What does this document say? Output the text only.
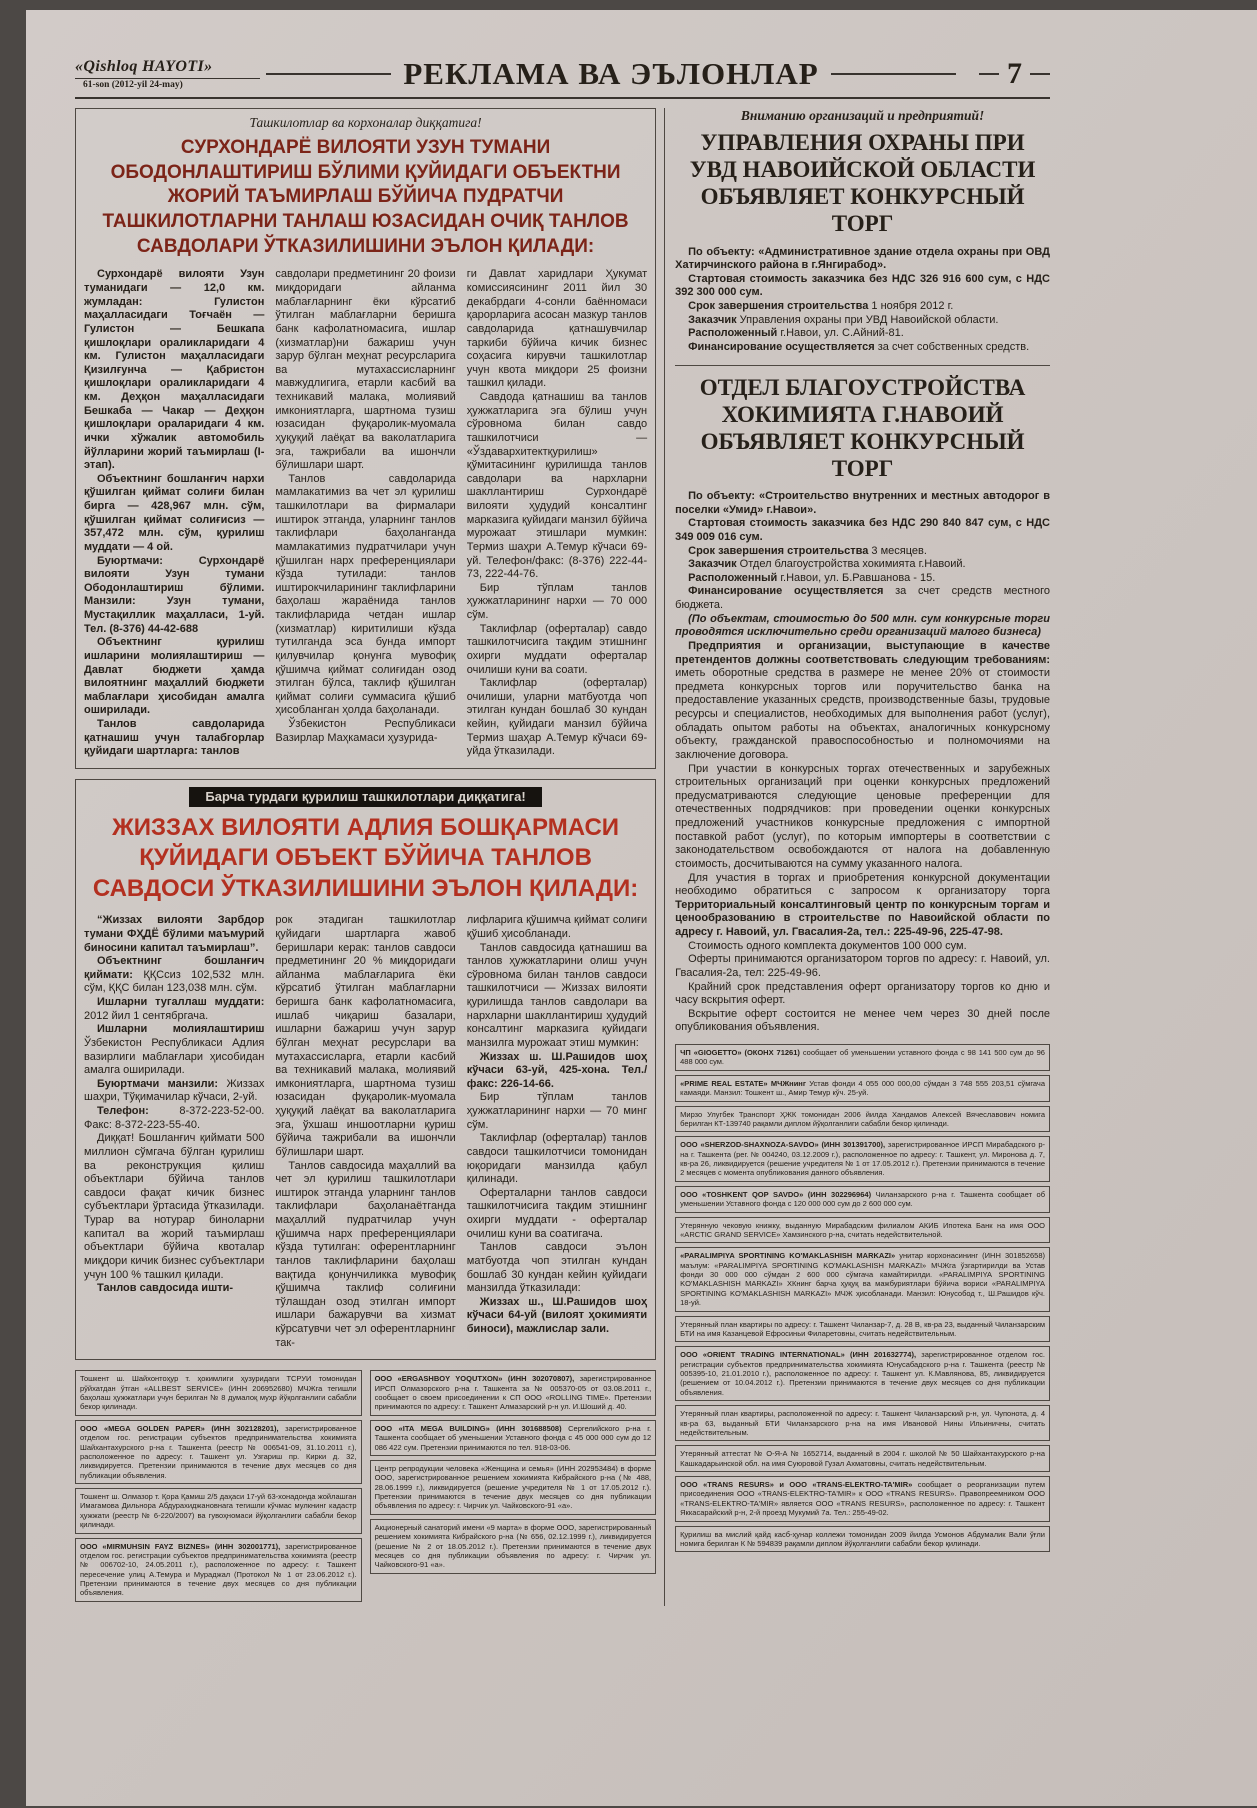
«Qishloq HAYOTI»
61-son (2012-yil 24-may)	РЕКЛАМА ВА ЭЪЛОНЛАР	7
Ташкилотлар ва корхоналар диққатига!
СУРХОНДАРЁ ВИЛОЯТИ УЗУН ТУМАНИ ОБОДОНЛАШТИРИШ БЎЛИМИ ҚУЙИДАГИ ОБЪЕКТНИ ЖОРИЙ ТАЪМИРЛАШ БЎЙИЧА ПУДРАТЧИ ТАШКИЛОТЛАРНИ ТАНЛАШ ЮЗАСИДАН ОЧИҚ ТАНЛОВ САВДОЛАРИ ЎТКАЗИЛИШИНИ ЭЪЛОН ҚИЛАДИ:

Сурхондарё вилояти Узун туманидаги — 12,0 км. жумладан: Гулистон маҳалласидаги Тоғчаён — Гулистон — Бешкапа қишлоқлари ораликларидаги 4 км. Гулистон маҳалласидаги Қизилғунча — Қабристон қишлоқлари ораликларидаги 4 км. Деҳқон маҳалласидаги Бешкаба — Чакар — Деҳқон қишлоқлари ораларидаги 4 км. ички хўжалик автомобиль йўлларини жорий таъмирлаш (I-этап).

Объектнинг бошланғич нархи қўшилган қиймат солиғи билан бирга — 428,967 млн. сўм, қўшилган қиймат солиғисиз — 357,472 млн. сўм, қурилиш муддати — 4 ой.

Буюртмачи: Сурхондарё вилояти Узун тумани Ободонлаштириш бўлими. Манзили: Узун тумани, Мустақиллик маҳалласи, 1-уй. Тел. (8-376) 44-42-688

Объектнинг қурилиш ишларини молиялаштириш — Давлат бюджети ҳамда вилоятнинг маҳаллий бюджети маблағлари ҳисобидан амалга оширилади.

Танлов савдоларида қатнашиш учун талабгорлар қуйидаги шартларга: танлов

савдолари предметининг 20 фоизи миқдоридаги айланма маблағларнинг ёки кўрсатиб ўтилган маблағларни беришга банк кафолатномасига, ишлар (хизматлар)ни бажариш учун зарур бўлган меҳнат ресурсларига ва мутахассисларнинг мавжудлигига, етарли касбий ва техникавий малака, молиявий имкониятларга, шартнома тузиш юзасидан фуқаролик-муомала ҳуқуқий лаёқат ва ваколатларига эга, тажрибали ва ишончли бўлишлари шарт.

Танлов савдоларида мамлакатимиз ва чет эл қурилиш ташкилотлари ва фирмалари иштирок этганда, уларнинг танлов таклифлари баҳоланганда мамлакатимиз пудратчилари учун қўшилган нарх преференциялари кўзда тутилади: танлов иштирокчиларининг таклифларини баҳолаш жараёнида танлов таклифларида четдан ишлар (хизматлар) киритилиши кўзда тутилганда эса бунда импорт қилувчилар қонунга мувофиқ қўшимча қиймат солиғидан озод этилган бўлса, таклиф қўшилган қиймат солиғи суммасига қўшиб ҳисобланган ҳолда баҳоланади.

Ўзбекистон Республикаси Вазирлар Маҳкамаси ҳузурида-

ги Давлат харидлари Ҳукумат комиссиясининг 2011 йил 30 декабрдаги 4-сонли баённомаси қарорларига асосан мазкур танлов савдоларида қатнашувчилар таркиби бўйича кичик бизнес соҳасига кирувчи ташкилотлар учун квота миқдори 25 фоизни ташкил қилади.

Савдода қатнашиш ва танлов ҳужжатларига эга бўлиш учун сўровнома билан савдо ташкилотчиси — «Ўздавархитектқурилиш» қўмитасининг қурилишда танлов савдолари ва нархларни шакллантириш Сурхондарё вилояти ҳудудий консалтинг марказига қуйидаги манзил бўйича мурожаат этишлари мумкин: Термиз шаҳри А.Темур кўчаси 69-уй. Телефон/факс: (8-376) 222-44-73, 222-44-76.

Бир тўплам танлов ҳужжатларининг нархи — 70 000 сўм.

Таклифлар (оферталар) савдо ташкилотчисига тақдим этишнинг охирги муддати оферталар очилиши куни ва соати.

Таклифлар (оферталар) очилиши, уларни матбуотда чоп этилган кундан бошлаб 30 кундан кейин, қуйидаги манзил бўйича Термиз шаҳар А.Темур кўчаси 69-уйда ўтказилади.

Барча турдаги қурилиш ташкилотлари диққатига!
ЖИЗЗАХ ВИЛОЯТИ АДЛИЯ БОШҚАРМАСИ ҚУЙИДАГИ ОБЪЕКТ БЎЙИЧА ТАНЛОВ САВДОСИ ЎТКАЗИЛИШИНИ ЭЪЛОН ҚИЛАДИ:

“Жиззах вилояти Зарбдор тумани ФҲДЁ бўлими маъмурий биносини капитал таъмирлаш”.

Объектнинг бошланғич қиймати: ҚҚСсиз 102,532 млн. сўм, ҚҚС билан 123,038 млн. сўм.

Ишларни тугаллаш муддати: 2012 йил 1 сентябргача.

Ишларни молиялаштириш Ўзбекистон Республикаси Адлия вазирлиги маблағлари ҳисобидан амалга оширилади.

Буюртмачи манзили: Жиззах шаҳри, Тўқимачилар кўчаси, 2-уй.

Телефон: 8-372-223-52-00. Факс: 8-372-223-55-40.

Диққат! Бошланғич қиймати 500 миллион сўмгача бўлган қурилиш ва реконструкция қилиш объектлари бўйича танлов савдоси фақат кичик бизнес субъектлари ўртасида ўтказилади. Турар ва нотурар биноларни капитал ва жорий таъмирлаш объектлари бўйича квоталар миқдори кичик бизнес субъектлари учун 100 % ташкил қилади.

Танлов савдосида ишти-

рок этадиган ташкилотлар қуйидаги шартларга жавоб беришлари керак: танлов савдоси предметининг 20 % миқдоридаги айланма маблағларига ёки кўрсатиб ўтилган маблағларни беришга банк кафолатномасига, ишлаб чиқариш базалари, ишларни бажариш учун зарур бўлган меҳнат ресурслари ва мутахассисларга, етарли касбий ва техникавий малака, молиявий имкониятларга, шартнома тузиш юзасидан фуқаролик-муомала ҳуқуқий лаёқат ва ваколатларига эга, ўхшаш иншоотларни қуриш бўйича тажрибали ва ишончли бўлишлари шарт.

Танлов савдосида маҳаллий ва чет эл қурилиш ташкилотлари иштирок этганда уларнинг танлов таклифлари баҳоланаётганда маҳаллий пудратчилар учун қўшимча нарх преференциялари кўзда тутилган: оферентларнинг танлов таклифларини баҳолаш вақтида қонунчиликка мувофиқ қўшимча таклиф солиғини тўлашдан озод этилган импорт ишлари бажарувчи ва хизмат кўрсатувчи чет эл оферентларнинг так-

лифларига қўшимча қиймат солиғи қўшиб ҳисобланади.

Танлов савдосида қатнашиш ва танлов ҳужжатларини олиш учун сўровнома билан танлов савдоси ташкилотчиси — Жиззах вилояти қурилишда танлов савдолари ва нархларни шакллантириш ҳудудий консалтинг марказига қуйидаги манзилга мурожаат этиш мумкин:

Жиззах ш. Ш.Рашидов шоҳ кўчаси 63-уй, 425-хона. Тел./факс: 226-14-66.

Бир тўплам танлов ҳужжатларининг нархи — 70 минг сўм.

Таклифлар (оферталар) танлов савдоси ташкилотчиси томонидан юқоридаги манзилда қабул қилинади.

Оферталарни танлов савдоси ташкилотчисига тақдим этишнинг охирги муддати - оферталар очилиш куни ва соатигача.

Танлов савдоси эълон матбуотда чоп этилган кундан бошлаб 30 кундан кейин қуйидаги манзилда ўтказилади:

Жиззах ш., Ш.Рашидов шоҳ кўчаси 64-уй (вилоят ҳокимияти биноси), мажлислар зали.

Тошкент ш. Шайхонтоҳур т. ҳокимлиги ҳузуридаги ТСРУИ томонидан рўйхатдан ўтган «ALLBEST SERVICE» (ИНН 206952680) МЧЖга тегишли баҳолаш ҳужжатлари учун берилган № 8 думалоқ муҳр йўқолганлиги сабабли бекор қилинади.
ООО «MEGA GOLDEN PAPER» (ИНН 302128201), зарегистрированное отделом гос. регистрации субъектов предпринимательства хокимията Шайхантахурского р-на г. Ташкента (реестр № 006541-09, 31.10.2011 г.), расположенное по адресу: г. Ташкент ул. Узгариш пр. Кирки д. 32, ликвидируется. Претензии принимаются в течение двух месяцев со дня публикации объявления.
Тошкент ш. Олмазор т. Қора Қамиш 2/5 даҳаси 17-уй 63-хонадонда жойлашган Имагамова Дильнора Абдурахиджановнага тегишли кўчмас мулкнинг кадастр ҳужжати (реестр № 6-220/2007) ва гувоҳномаси йўқолганлиги сабабли бекор қилинади.
ООО «MIRMUHSIN FAYZ BIZNES» (ИНН 302001771), зарегистрированное отделом гос. регистрации субъектов предпринимательства хокимията (реестр № 006702-10, 24.05.2011 г.), расположенное по адресу: г. Ташкент пересечение улиц А.Темура и Мураджал (Протокол № 1 от 23.06.2012 г.). Претензии принимаются в течение двух месяцев со дня публикации объявления.
ООО «ERGASHBOY YOQUTXON» (ИНН 302070807), зарегистрированное ИРСП Олмазорского р-на г. Ташкента за № 005370-05 от 03.08.2011 г., сообщает о своем присоединении к СП ООО «ROLLING TIME». Претензии принимаются по адресу: г. Ташкент Алмазарский р-н ул. И.Шоший д. 40.
ООО «ITA MEGA BUILDING» (ИНН 301688508) Сергелийского р-на г. Ташкента сообщает об уменьшении Уставного фонда с 45 000 000 сум до 12 086 422 сум. Претензии принимаются по тел. 918-03-06.
Центр репродукции человека «Женщина и семья» (ИНН 202953484) в форме ООО, зарегистрированное решением хокимията Кибрайского р-на (№ 488, 28.06.1999 г.), ликвидируется (решение учредителя № 1 от 17.05.2012 г.). Претензии принимаются в течение двух месяцев со дня публикации объявления по адресу: г. Чирчик ул. Чайковского-91 «а».
Акционерный санаторий имени «9 марта» в форме ООО, зарегистрированный решением хокимията Кибрайского р-на (№ 656, 02.12.1999 г.), ликвидируется (решение № 2 от 18.05.2012 г.). Претензии принимаются в течение двух месяцев со дня публикации объявления по адресу: г. Чирчик ул. Чайковского-91 «а».
Вниманию организаций и предприятий!
УПРАВЛЕНИЯ ОХРАНЫ ПРИ УВД НАВОИЙСКОЙ ОБЛАСТИ ОБЪЯВЛЯЕТ КОНКУРСНЫЙ ТОРГ

По объекту: «Административное здание отдела охраны при ОВД Хатирчинского района в г.Янгирабод».

Стартовая стоимость заказчика без НДС 326 916 600 сум, с НДС 392 300 000 сум.

Срок завершения строительства 1 ноября 2012 г.

Заказчик Управления охраны при УВД Навоийской области.

Расположенный г.Навои, ул. С.Айний-81.

Финансирование осуществляется за счет собственных средств.

ОТДЕЛ БЛАГОУСТРОЙСТВА ХОКИМИЯТА Г.НАВОИЙ ОБЪЯВЛЯЕТ КОНКУРСНЫЙ ТОРГ

По объекту: «Строительство внутренних и местных автодорог в поселки «Умид» г.Навои».

Стартовая стоимость заказчика без НДС 290 840 847 сум, с НДС 349 009 016 сум.

Срок завершения строительства 3 месяцев.

Заказчик Отдел благоустройства хокимията г.Навоий.

Расположенный г.Навои, ул. Б.Равшанова - 15.

Финансирование осуществляется за счет средств местного бюджета.

(По объектам, стоимостью до 500 млн. сум конкурсные торги проводятся исключительно среди организаций малого бизнеса)

Предприятия и организации, выступающие в качестве претендентов должны соответствовать следующим требованиям: иметь оборотные средства в размере не менее 20% от стоимости предмета конкурсных торгов или поручительство банка на предоставление указанных средств, производственные базы, трудовые ресурсы и специалистов, необходимых для выполнения работ (услуг), обладать опытом работы на объектах, аналогичных конкурсному объекту, гражданской правоспособностью и полномочиями на заключение договора.

При участии в конкурсных торгах отечественных и зарубежных строительных организаций при оценки конкурсных предложений предусматриваются следующие ценовые преференции для отечественных подрядчиков: при проведении оценки конкурсных предложений участников конкурсные предложения с импортной поставкой работ (услуг), по которым импортеры в соответствии с законодательством освобождаются от налога на добавленную стоимость, досчитываются на сумму указанного налога.

Для участия в торгах и приобретения конкурсной документации необходимо обратиться с запросом к организатору торга Территориальный консалтинговый центр по конкурсным торгам и ценообразованию в строительстве по Навоийской области по адресу г. Навоий, ул. Гвасалия-2а, тел.: 225-49-96, 225-47-98.

Стоимость одного комплекта документов 100 000 сум.

Оферты принимаются организатором торгов по адресу: г. Навоий, ул. Гвасалия-2а, тел: 225-49-96.

Крайний срок представления оферт организатору торгов ко дню и часу вскрытия оферт.

Вскрытие оферт состоится не менее чем через 30 дней после опубликования объявления.

ЧП «GIOGETTO» (ОКОНХ 71261) сообщает об уменьшении уставного фонда с 98 141 500 сум до 96 488 000 сум.
«PRIME REAL ESTATE» МЧЖнинг Устав фонди 4 055 000 000,00 сўмдан 3 748 555 203,51 сўмгача камаяди. Манзил: Тошкент ш., Амир Темур кўч. 25-уй.
Мирзо Улугбек Транспорт ҲЖК томонидан 2006 йилда Хандамов Алексей Вячеславович номига берилган КТ-139740 рақамли диплом йўқолганлиги сабабли бекор қилинади.
ООО «SHERZOD-SHAXNOZA-SAVDO» (ИНН 301391700), зарегистрированное ИРСП Мирабадского р-на г. Ташкента (рег. № 004240, 03.12.2009 г.), расположенное по адресу: г. Ташкент, ул. Миронова д. 7, кв-ра 26, ликвидируется (решение учредителя № 1 от 17.05.2012 г.). Претензии принимаются в течение 2 месяцев с момента опубликования данного объявления.
ООО «TOSHKENT QOP SAVDO» (ИНН 302296964) Чиланзарского р-на г. Ташкента сообщает об уменьшении Уставного фонда с 120 000 000 сум до 2 600 000 сум.
Утерянную чековую книжку, выданную Мирабадским филиалом АКИБ Ипотека Банк на имя ООО «ARCTIC GRAND SERVICE» Хамзинского р-на, считать недействительной.
«PARALIMPIYA SPORTINING KO'MAKLASHISH MARKAZI» унитар корхонасининг (ИНН 301852658) маълум: «PARALIMPIYA SPORTINING KO'MAKLASHISH MARKAZI» МЧЖга ўзгартирилди ва Устав фонди 30 000 000 сўмдан 2 600 000 сўмгача камайтирилди. «PARALIMPIYA SPORTINING KO'MAKLASHISH MARKAZI» ХКнинг барча ҳуқуқ ва мажбуриятлари бўйича вориси «PARALIMPIYA SPORTINING KO'MAKLASHISH MARKAZI» МЧЖ ҳисобланади. Манзил: Юнусобод т., Ш.Рашидов кўч. 18-уй.
Утерянный план квартиры по адресу: г. Ташкент Чиланзар-7, д. 28 В, кв-ра 23, выданный Чиланзарским БТИ на имя Казанцевой Ефросиньи Филаретовны, считать недействительным.
ООО «ORIENT TRADING INTERNATIONAL» (ИНН 201632774), зарегистрированное отделом гос. регистрации субъектов предпринимательства хокимията Юнусабадского р-на г. Ташкента (реестр № 005395-10, 21.01.2010 г.), расположенное по адресу: г. Ташкент ул. К.Мавлянова, 85, ликвидируется (решением от 10.04.2012 г.). Претензии принимаются в течение двух месяцев со дня публикации объявления.
Утерянный план квартиры, расположенной по адресу: г. Ташкент Чиланзарский р-н, ул. Чупонота, д. 4 кв-ра 63, выданный БТИ Чиланзарского р-на на имя Ивановой Нины Ильиничны, считать недействительным.
Утерянный аттестат № О-Я-А № 1652714, выданный в 2004 г. школой № 50 Шайхантахурского р-на Кашкадарьинской обл. на имя Суюровой Гузал Ахматовны, считать недействительным.
ООО «TRANS RESURS» и ООО «TRANS-ELEKTRO-TA'MIR» сообщает о реорганизации путем присоединения ООО «TRANS-ELEKTRO-TA'MIR» к ООО «TRANS RESURS». Правопреемником ООО «TRANS-ELEKTRO-TA'MIR» является ООО «TRANS RESURS», расположенное по адресу: г. Ташкент Яккасарайский р-н, 2-й проезд Мукумий 7а. Тел.: 255-49-02.
Қурилиш ва мислий қайд касб-ҳунар коллежи томонидан 2009 йилда Усмонов Абдумалик Вали ўғли номига берилган К № 594839 рақамли диплом йўқолганлиги сабабли бекор қилинади.
